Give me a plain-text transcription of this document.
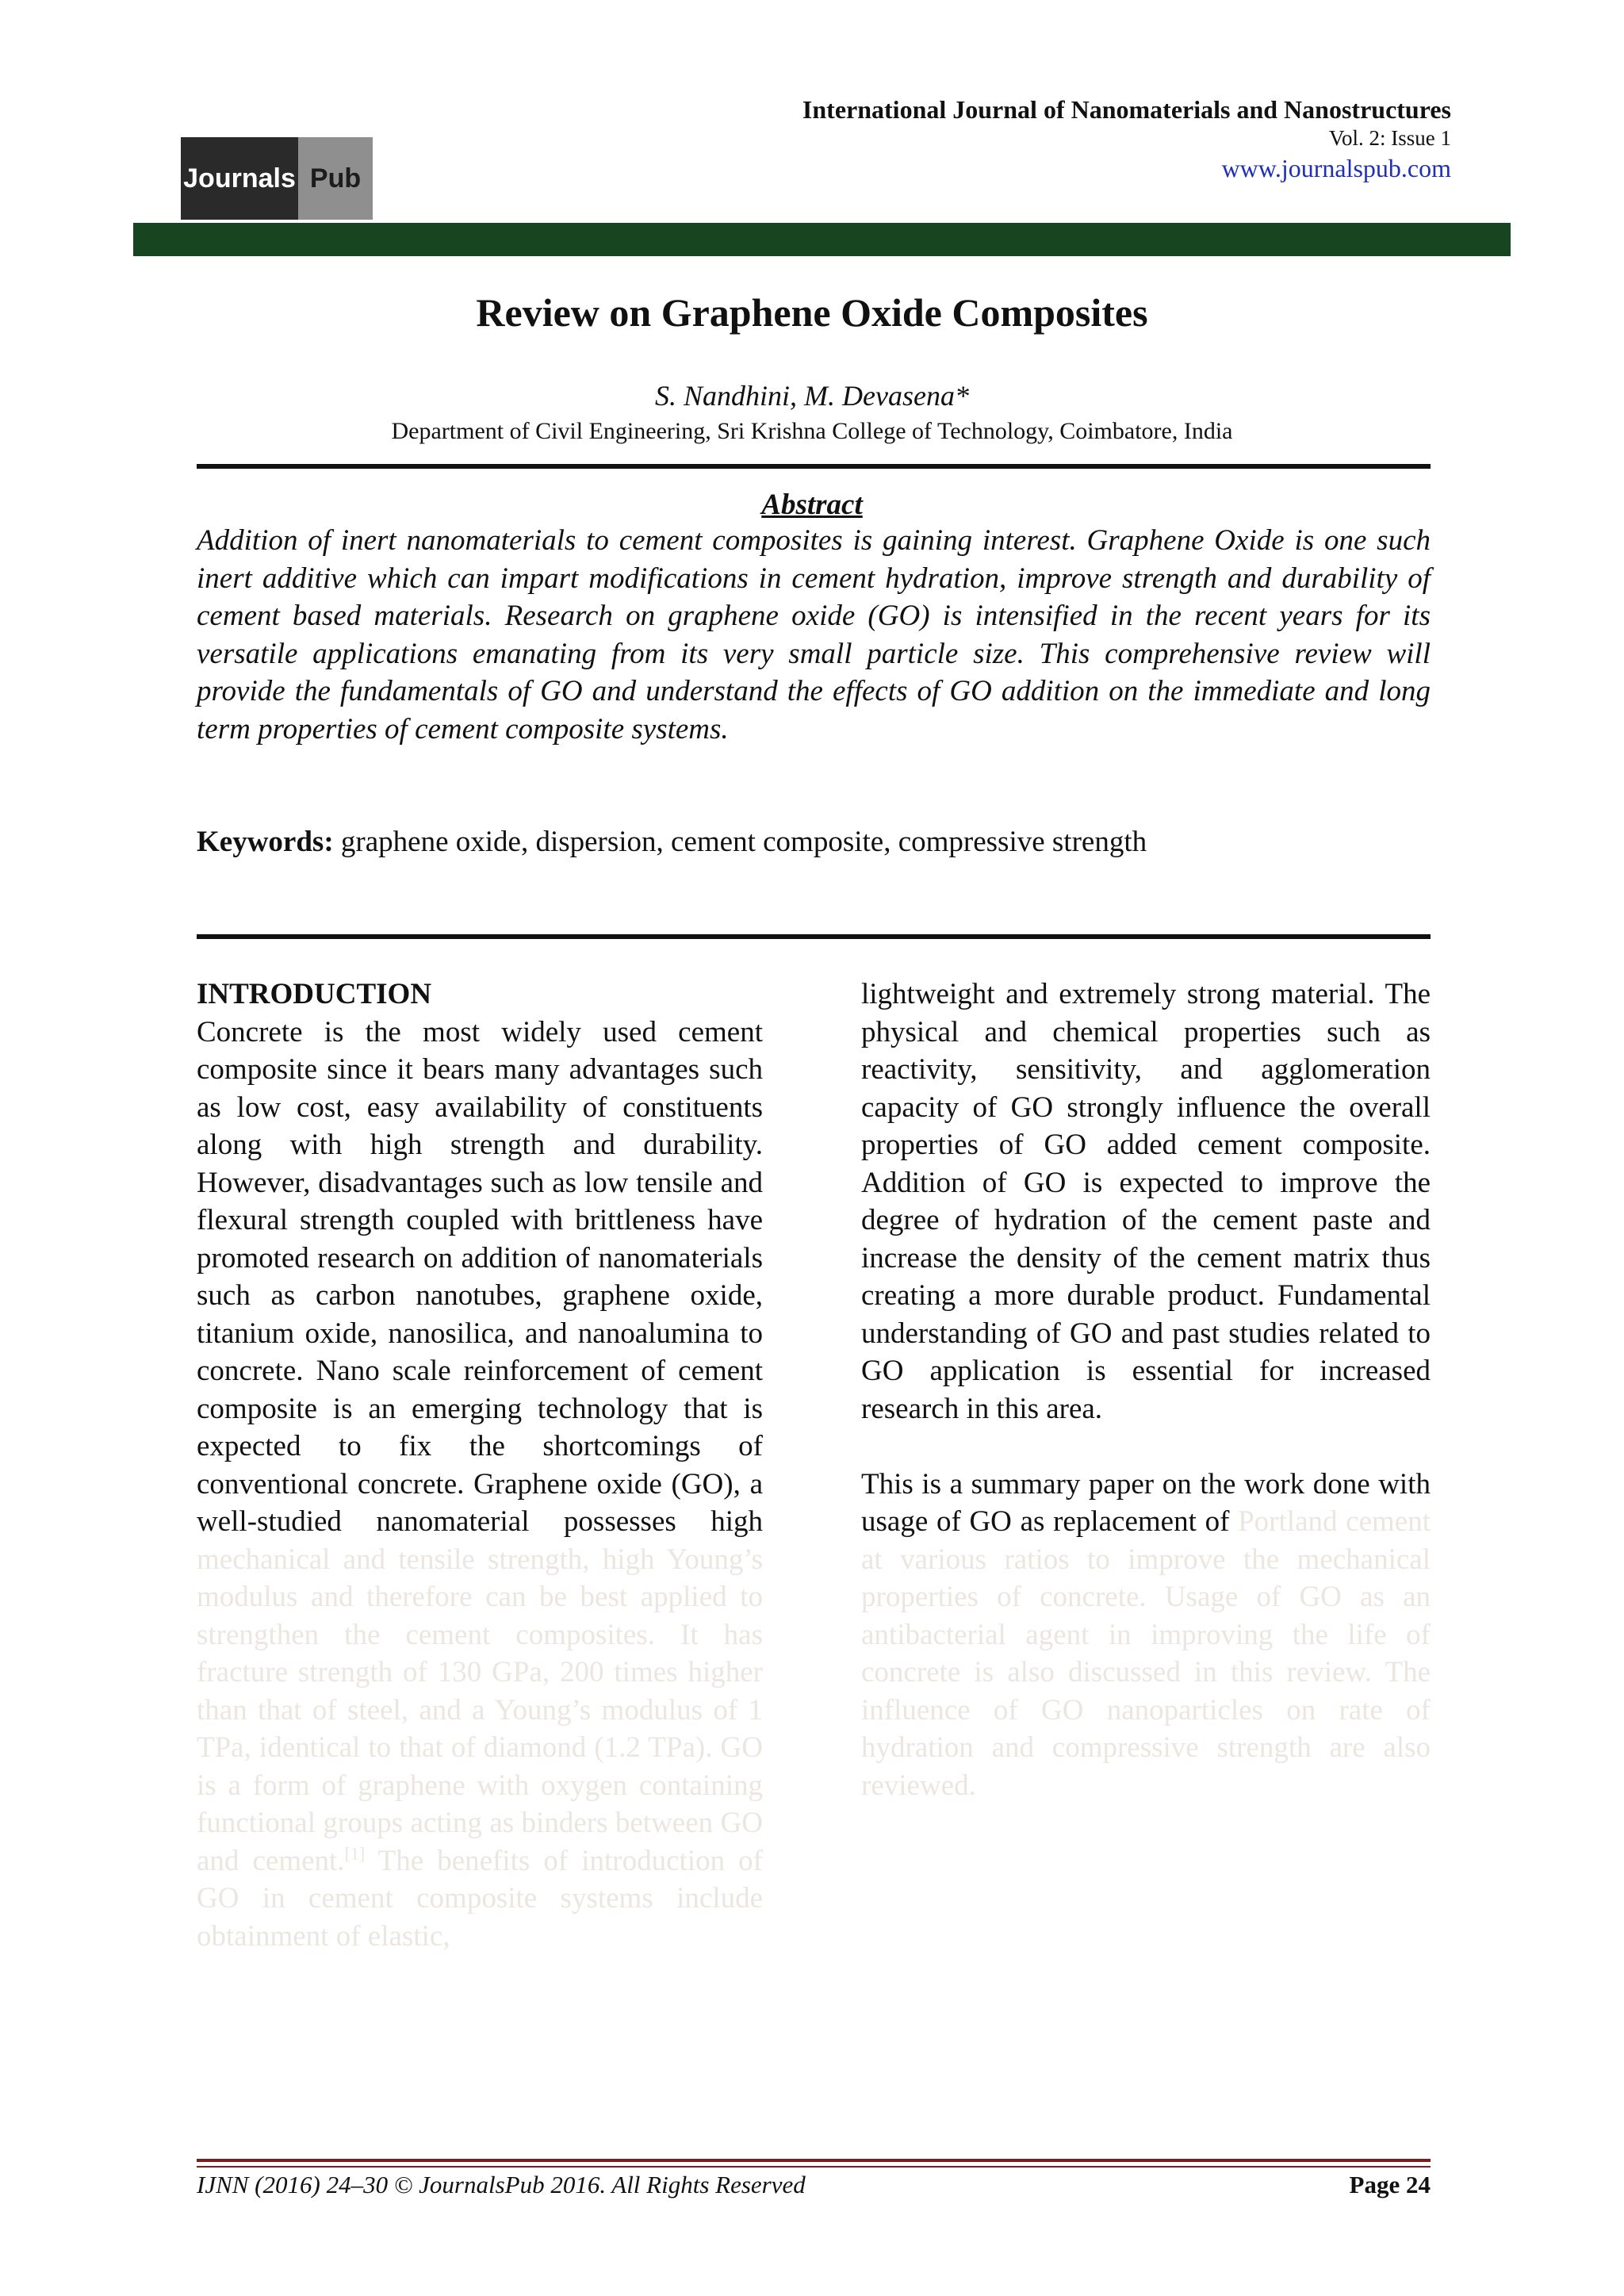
Journals Pub
International Journal of Nanomaterials and Nanostructures
Vol. 2: Issue 1
www.journalspub.com
Review on Graphene Oxide Composites
S. Nandhini, M. Devasena*
Department of Civil Engineering, Sri Krishna College of Technology, Coimbatore, India
Abstract
Addition of inert nanomaterials to cement composites is gaining interest. Graphene Oxide is one such inert additive which can impart modifications in cement hydration, improve strength and durability of cement based materials. Research on graphene oxide (GO) is intensified in the recent years for its versatile applications emanating from its very small particle size. This comprehensive review will provide the fundamentals of GO and understand the effects of GO addition on the immediate and long term properties of cement composite systems.
Keywords: graphene oxide, dispersion, cement composite, compressive strength

INTRODUCTION

Concrete is the most widely used cement composite since it bears many advantages such as low cost, easy availability of constituents along with high strength and durability. However, disadvantages such as low tensile and flexural strength coupled with brittleness have promoted research on addition of nanomaterials such as carbon nanotubes, graphene oxide, titanium oxide, nanosilica, and nanoalumina to concrete. Nano scale reinforcement of cement composite is an emerging technology that is expected to fix the shortcomings of conventional concrete. Graphene oxide (GO), a well-studied nanomaterial possesses high mechanical and tensile strength, high Young’s modulus and therefore can be best applied to strengthen the cement composites. It has fracture strength of 130 GPa, 200 times higher than that of steel, and a Young’s modulus of 1 TPa, identical to that of diamond (1.2 TPa). GO is a form of graphene with oxygen containing functional groups acting as binders between GO and cement.[1] The benefits of introduction of GO in cement composite systems include obtainment of elastic,

lightweight and extremely strong material. The physical and chemical properties such as reactivity, sensitivity, and agglomeration capacity of GO strongly influence the overall properties of GO added cement composite. Addition of GO is expected to improve the degree of hydration of the cement paste and increase the density of the cement matrix thus creating a more durable product. Fundamental understanding of GO and past studies related to GO application is essential for increased research in this area.

This is a summary paper on the work done with usage of GO as replacement of Portland cement at various ratios to improve the mechanical properties of concrete. Usage of GO as an antibacterial agent in improving the life of concrete is also discussed in this review. The influence of GO nanoparticles on rate of hydration and compressive strength are also reviewed.

IJNN (2016) 24–30 © JournalsPub 2016. All Rights Reserved	Page 24
